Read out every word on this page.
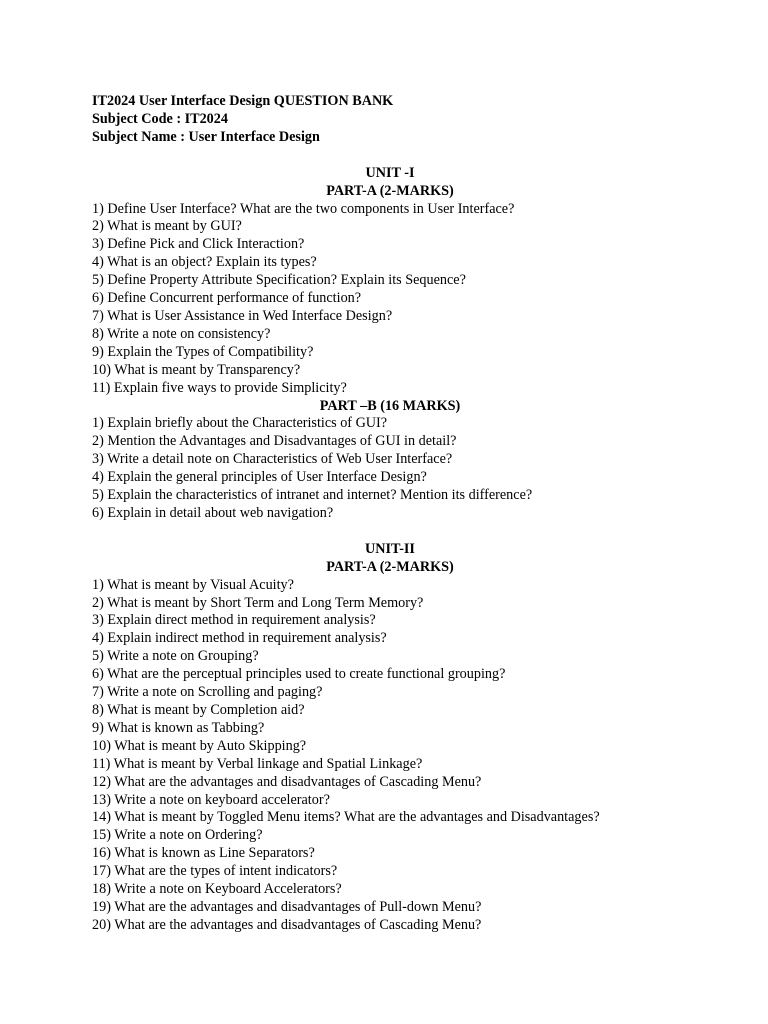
IT2024 User Interface Design QUESTION BANK
Subject Code : IT2024
Subject Name : User Interface Design
UNIT -I
PART-A (2-MARKS)
1) Define User Interface? What are the two components in User Interface?
2) What is meant by GUI?
3) Define Pick and Click Interaction?
4) What is an object? Explain its types?
5) Define Property Attribute Specification? Explain its Sequence?
6) Define Concurrent performance of function?
7) What is User Assistance in Wed Interface Design?
8) Write a note on consistency?
9) Explain the Types of Compatibility?
10) What is meant by Transparency?
11) Explain five ways to provide Simplicity?
PART –B (16 MARKS)
1) Explain briefly about the Characteristics of GUI?
2) Mention the Advantages and Disadvantages of GUI in detail?
3) Write a detail note on Characteristics of Web User Interface?
4) Explain the general principles of User Interface Design?
5) Explain the characteristics of intranet and internet? Mention its difference?
6) Explain in detail about web navigation?
UNIT-II
PART-A (2-MARKS)
1) What is meant by Visual Acuity?
2) What is meant by Short Term and Long Term Memory?
3) Explain direct method in requirement analysis?
4) Explain indirect method in requirement analysis?
5) Write a note on Grouping?
6) What are the perceptual principles used to create functional grouping?
7) Write a note on Scrolling and paging?
8) What is meant by Completion aid?
9) What is known as Tabbing?
10) What is meant by Auto Skipping?
11) What is meant by Verbal linkage and Spatial Linkage?
12) What are the advantages and disadvantages of Cascading Menu?
13) Write a note on keyboard accelerator?
14) What is meant by Toggled Menu items? What are the advantages and Disadvantages?
15) Write a note on Ordering?
16) What is known as Line Separators?
17) What are the types of intent indicators?
18) Write a note on Keyboard Accelerators?
19) What are the advantages and disadvantages of Pull-down Menu?
20) What are the advantages and disadvantages of Cascading Menu?
